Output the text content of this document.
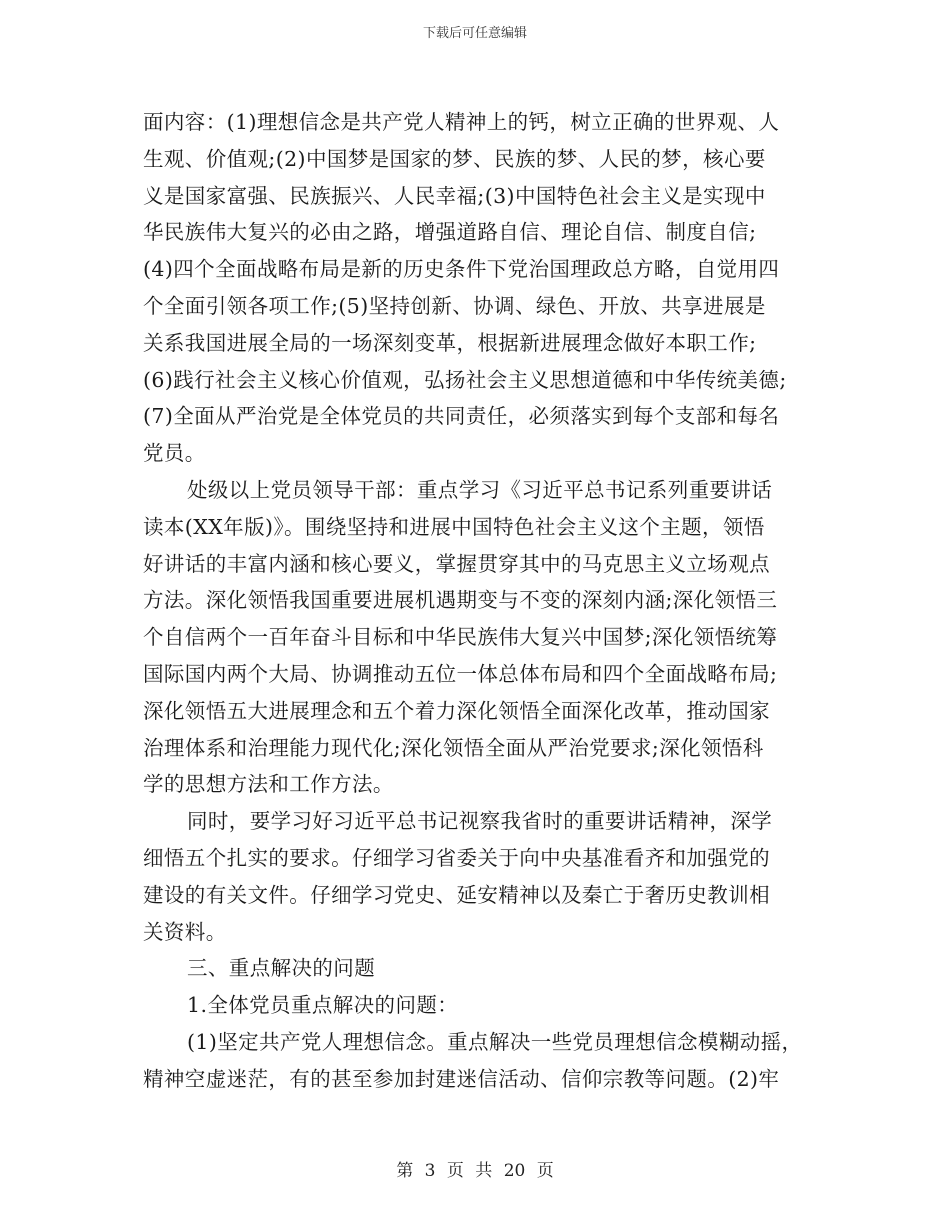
下载后可任意编辑
面内容：(1)理想信念是共产党人精神上的钙，树立正确的世界观、人
生观、价值观;(2)中国梦是国家的梦、民族的梦、人民的梦，核心要
义是国家富强、民族振兴、人民幸福;(3)中国特色社会主义是实现中
华民族伟大复兴的必由之路，增强道路自信、理论自信、制度自信;
(4)四个全面战略布局是新的历史条件下党治国理政总方略，自觉用四
个全面引领各项工作;(5)坚持创新、协调、绿色、开放、共享进展是
关系我国进展全局的一场深刻变革，根据新进展理念做好本职工作;
(6)践行社会主义核心价值观，弘扬社会主义思想道德和中华传统美德;
(7)全面从严治党是全体党员的共同责任，必须落实到每个支部和每名
党员。
处级以上党员领导干部：重点学习《习近平总书记系列重要讲话
读本(XX年版)》。围绕坚持和进展中国特色社会主义这个主题，领悟
好讲话的丰富内涵和核心要义，掌握贯穿其中的马克思主义立场观点
方法。深化领悟我国重要进展机遇期变与不变的深刻内涵;深化领悟三
个自信两个一百年奋斗目标和中华民族伟大复兴中国梦;深化领悟统筹
国际国内两个大局、协调推动五位一体总体布局和四个全面战略布局;
深化领悟五大进展理念和五个着力深化领悟全面深化改革，推动国家
治理体系和治理能力现代化;深化领悟全面从严治党要求;深化领悟科
学的思想方法和工作方法。
同时，要学习好习近平总书记视察我省时的重要讲话精神，深学
细悟五个扎实的要求。仔细学习省委关于向中央基准看齐和加强党的
建设的有关文件。仔细学习党史、延安精神以及秦亡于奢历史教训相
关资料。
三、重点解决的问题
1.全体党员重点解决的问题：
(1)坚定共产党人理想信念。重点解决一些党员理想信念模糊动摇，
精神空虚迷茫，有的甚至参加封建迷信活动、信仰宗教等问题。(2)牢
第 3 页 共 20 页
